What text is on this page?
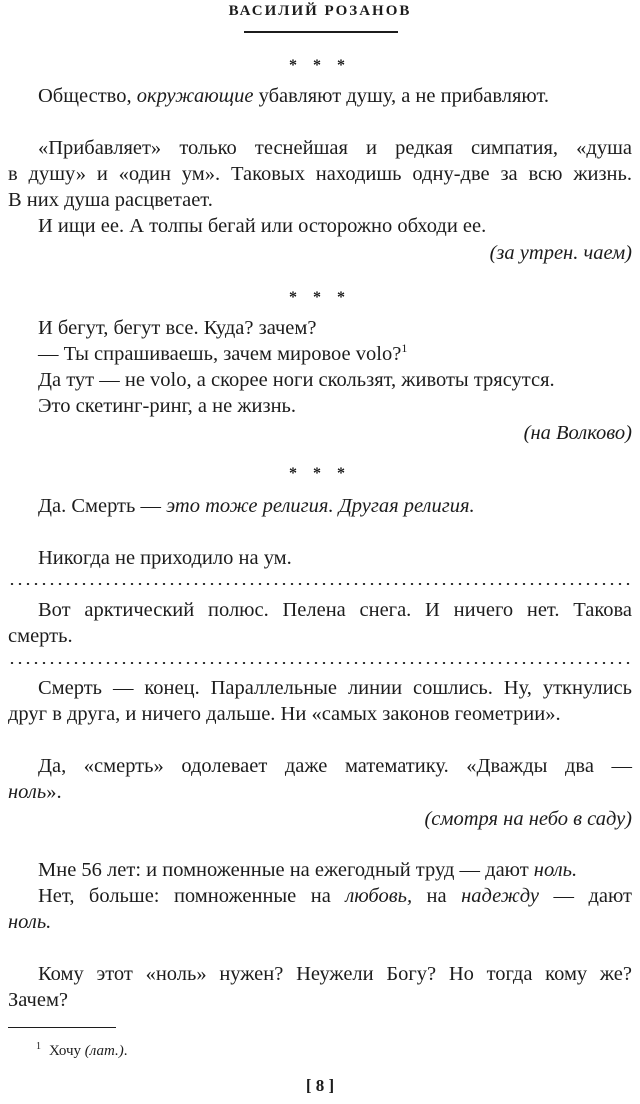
ВАСИЛИЙ РОЗАНОВ
* * *
Общество, окружающие убавляют душу, а не прибавляют.
«Прибавляет» только теснейшая и редкая симпатия, «душа
в душу» и «один ум». Таковых находишь одну-две за всю жизнь.
В них душа расцветает.
И ищи ее. А толпы бегай или осторожно обходи ее.
(за утрен. чаем)
* * *
И бегут, бегут все. Куда? зачем?
— Ты спрашиваешь, зачем мировое volo?$^1$
Да тут — не volo, а скорее ноги скользят, животы трясутся.
Это скетинг-ринг, а не жизнь.
(на Волково)
* * *
Да. Смерть — это тоже религия. Другая религия.
Никогда не приходило на ум.
Вот арктический полюс. Пелена снега. И ничего нет. Такова
смерть.
Смерть — конец. Параллельные линии сошлись. Ну, уткнулись
друг в друга, и ничего дальше. Ни «самых законов геометрии».
Да, «смерть» одолевает даже математику. «Дважды два —
ноль».
(смотря на небо в саду)
Мне 56 лет: и помноженные на ежегодный труд — дают ноль.
Нет, больше: помноженные на любовь, на надежду — дают
ноль.
Кому этот «ноль» нужен? Неужели Богу? Но тогда кому же?
Зачем?
$^1$ Хочу (лат.).
[ 8 ]
